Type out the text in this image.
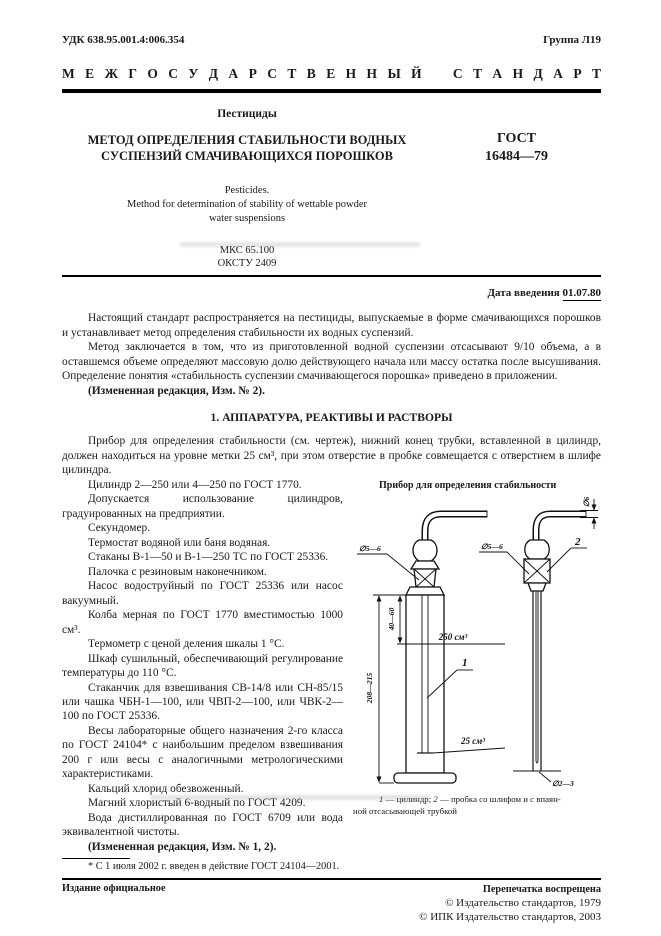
УДК 638.95.001.4:006.354	Группа Л19
М Е Ж Г О С У Д А Р С Т В Е Н Н Ы Й   С Т А Н Д А Р Т

Пестициды

МЕТОД ОПРЕДЕЛЕНИЯ СТАБИЛЬНОСТИ ВОДНЫХ
СУСПЕНЗИЙ СМАЧИВАЮЩИХСЯ ПОРОШКОВ

Pesticides.
Method for determination of stability of wettable powder
water suspensions

МКС 65.100
ОКСТУ 2409
ГОСТ
16484—79
Дата введения 01.07.80

Настоящий стандарт распространяется на пестициды, выпускаемые в форме смачивающихся порошков и устанавливает метод определения стабильности их водных суспензий.

Метод заключается в том, что из приготовленной водной суспензии отсасывают 9/10 объема, а в оставшемся объеме определяют массовую долю действующего начала или массу остатка после высушивания. Определение понятия «стабильность суспензии смачивающегося порошка» приведено в приложении.

(Измененная редакция, Изм. № 2).

1. АППАРАТУРА, РЕАКТИВЫ И РАСТВОРЫ

Прибор для определения стабильности (см. чертеж), нижний конец трубки, вставленной в цилиндр, должен находиться на уровне метки 25 см³, при этом отверстие в пробке совмещается с отверстием в шлифе цилиндра.

Прибор для определения стабильности

250 см³
40—60
208—215
∅5—6
1
25 см³
∅6
∅2—3
∅5—6	2

1 — цилиндр; 2 — пробка со шлифом и с впаян-
ной отсасывающей трубкой

Цилиндр 2—250 или 4—250 по ГОСТ 1770.

Допускается использование цилиндров, градуированных на предприятии.

Секундомер.

Термостат водяной или баня водяная.

Стаканы В-1—50 и В-1—250 ТС по ГОСТ 25336.

Палочка с резиновым наконечником.

Насос водоструйный по ГОСТ 25336 или насос вакуумный.

Колба мерная по ГОСТ 1770 вместимостью 1000 см³.

Термометр с ценой деления шкалы 1 °С.

Шкаф сушильный, обеспечивающий регулирование температуры до 110 °С.

Стаканчик для взвешивания СВ-14/8 или СН-85/15 или чашка ЧБН-1—100, или ЧВП-2—100, или ЧВК-2—100 по ГОСТ 25336.

Весы лабораторные общего назначения 2-го класса по ГОСТ 24104* с наибольшим пределом взвешивания 200 г или весы с аналогичными метрологическими характеристиками.

Кальций хлорид обезвоженный.

Магний хлористый 6-водный по ГОСТ 4209.

Вода дистиллированная по ГОСТ 6709 или вода эквивалентной чистоты.

(Измененная редакция, Изм. № 1, 2).

* С 1 июля 2002 г. введен в действие ГОСТ 24104—2001.

Издание официальное	Перепечатка воспрещена
© Издательство стандартов, 1979
© ИПК Издательство стандартов, 2003
